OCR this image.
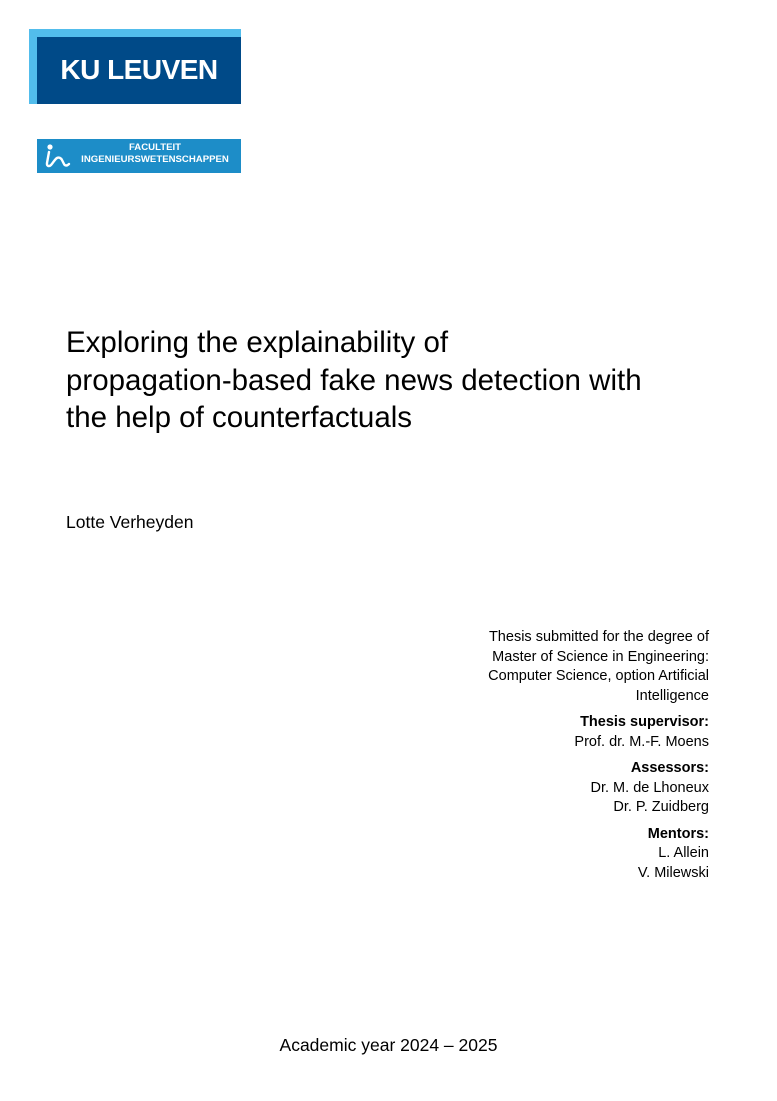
KU LEUVEN
FACULTEIT
INGENIEURSWETENSCHAPPEN
Exploring the explainability of
propagation-based fake news detection with
the help of counterfactuals

Lotte Verheyden

Thesis submitted for the degree of
Master of Science in Engineering:
Computer Science, option Artificial
Intelligence

Thesis supervisor:

Prof. dr. M.-F. Moens

Assessors:

Dr. M. de Lhoneux
Dr. P. Zuidberg

Mentors:

L. Allein
V. Milewski

Academic year 2024 – 2025
